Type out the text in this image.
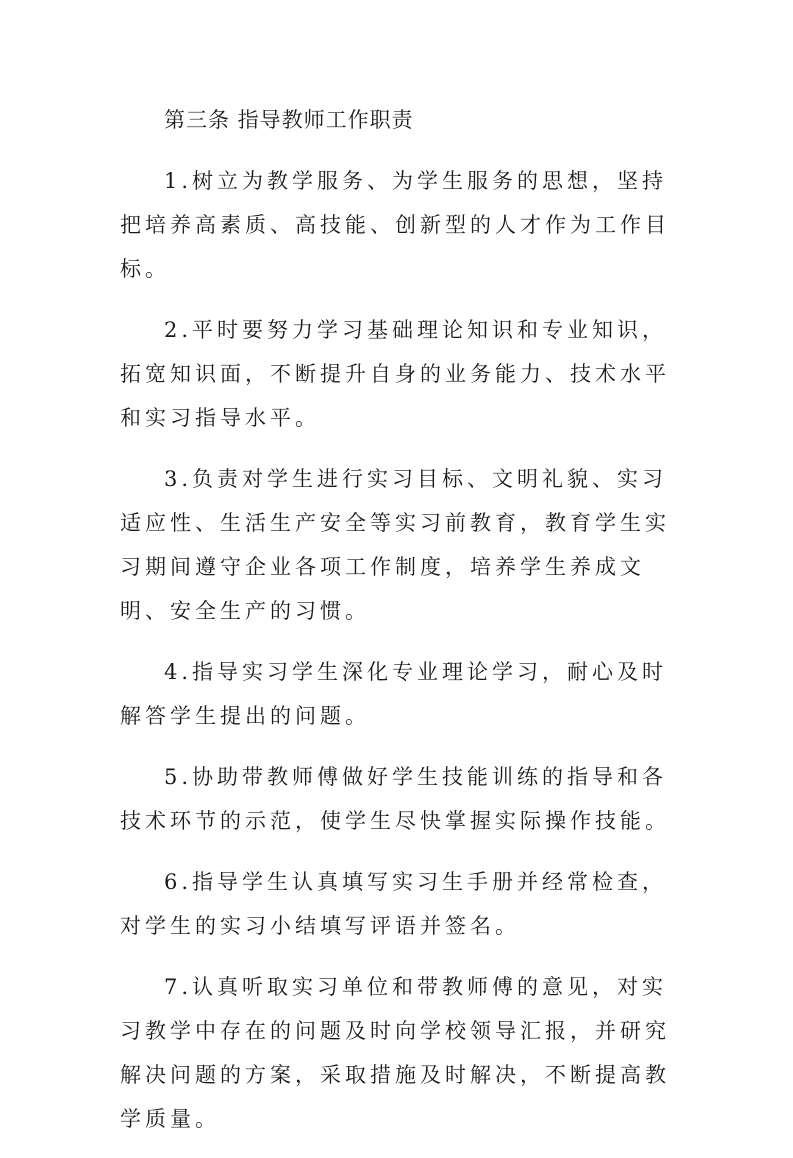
第三条 指导教师工作职责

1.树立为教学服务、为学生服务的思想，坚持把培养高素质、高技能、创新型的人才作为工作目标。

2.平时要努力学习基础理论知识和专业知识，拓宽知识面，不断提升自身的业务能力、技术水平和实习指导水平。

3.负责对学生进行实习目标、文明礼貌、实习适应性、生活生产安全等实习前教育，教育学生实习期间遵守企业各项工作制度，培养学生养成文明、安全生产的习惯。

4.指导实习学生深化专业理论学习，耐心及时解答学生提出的问题。

5.协助带教师傅做好学生技能训练的指导和各技术环节的示范，使学生尽快掌握实际操作技能。

6.指导学生认真填写实习生手册并经常检查，对学生的实习小结填写评语并签名。

7.认真听取实习单位和带教师傅的意见，对实习教学中存在的问题及时向学校领导汇报，并研究解决问题的方案，采取措施及时解决，不断提高教学质量。
